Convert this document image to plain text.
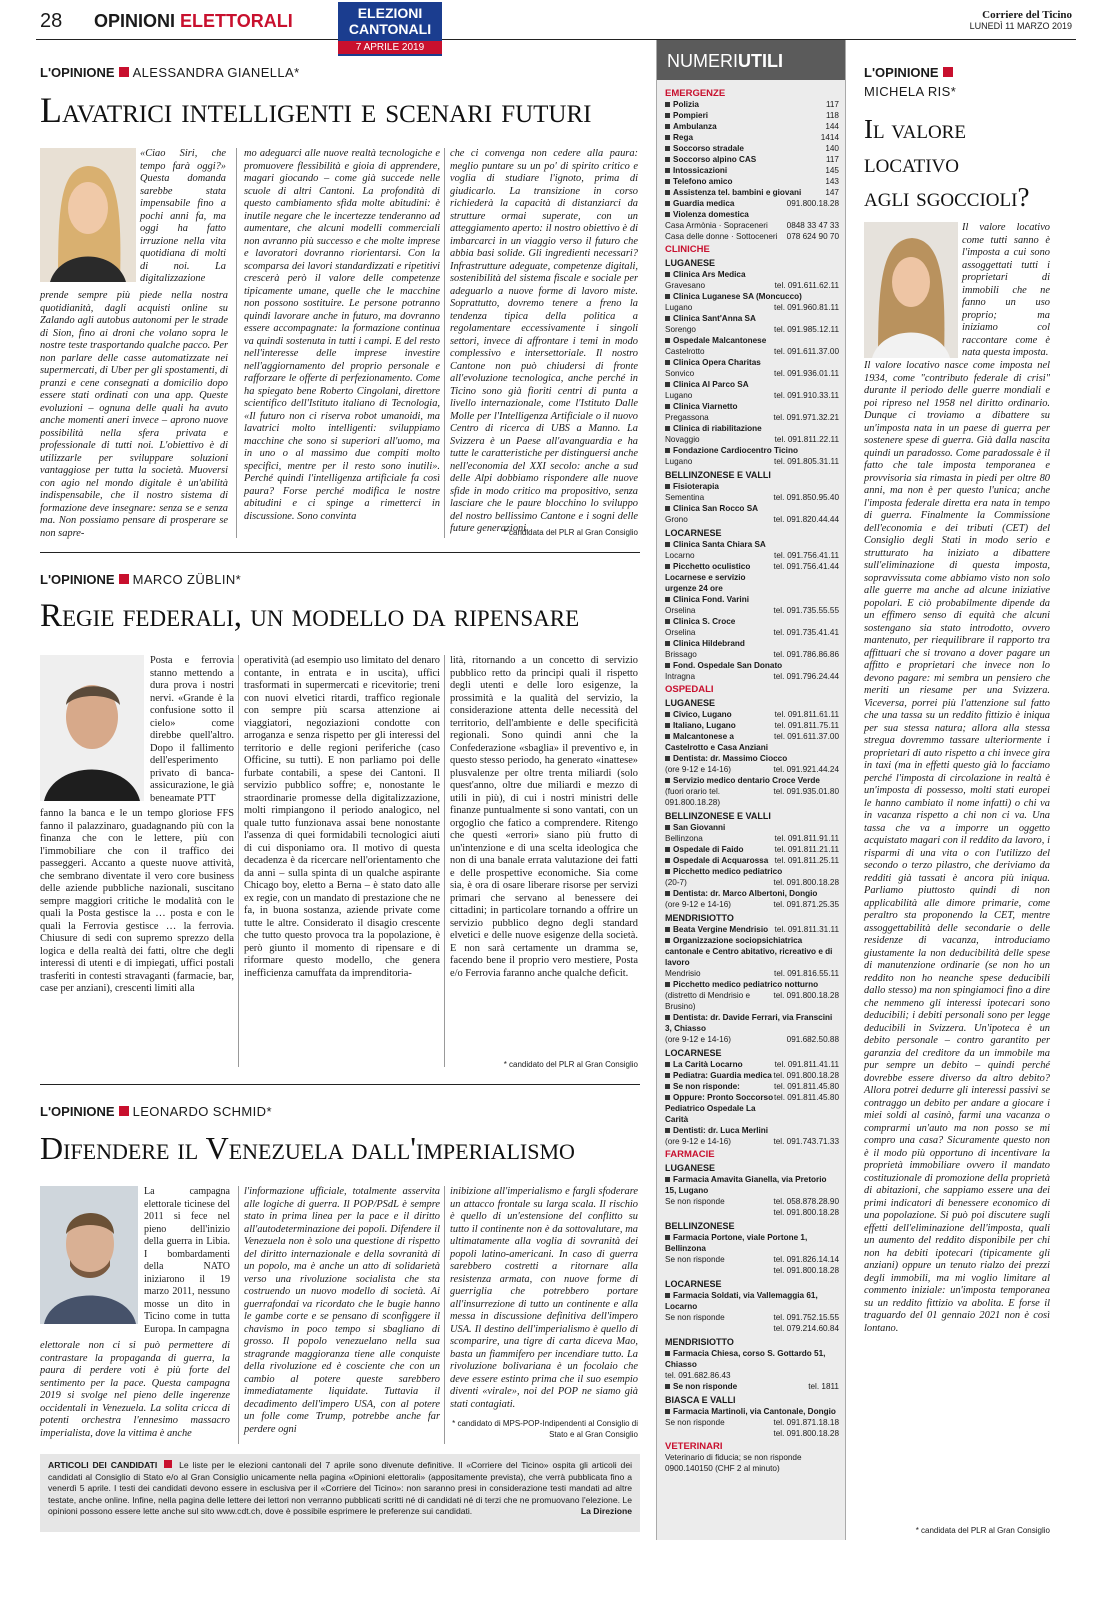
28 OPINIONI ELETTORALI	ELEZIONI
CANTONALI
7 APRILE 2019
Corriere del Ticino
LUNEDÌ 11 MARZO 2019
L'OPINIONE ALESSANDRA GIANELLA*
Lavatrici intelligenti e scenari futuri
«Ciao Siri, che tempo farà oggi?» Questa domanda sarebbe stata impensabile fino a pochi anni fa, ma oggi ha fatto irruzione nella vita quotidiana di molti di noi. La digitalizzazione
prende sempre più piede nella nostra quotidianità, dagli acquisti online su Zalando agli autobus autonomi per le strade di Sion, fino ai droni che volano sopra le nostre teste trasportando qualche pacco. Per non parlare delle casse automatizzate nei supermercati, di Uber per gli spostamenti, di pranzi e cene consegnati a domicilio dopo essere stati ordinati con una app. Queste evoluzioni – ognuna delle quali ha avuto anche momenti aneri invece – aprono nuove possibilità nella sfera privata e professionale di tutti noi. L'obiettivo è di utilizzarle per sviluppare soluzioni vantaggiose per tutta la società. Muoversi con agio nel mondo digitale è un'abilità indispensabile, che il nostro sistema di formazione deve insegnare: senza se e senza ma. Non possiamo pensare di prosperare se non sapre-
mo adeguarci alle nuove realtà tecnologiche e promuovere flessibilità e gioia di apprendere, magari giocando – come già succede nelle scuole di altri Cantoni. La profondità di questo cambiamento sfida molte abitudini: è inutile negare che le incertezze tenderanno ad aumentare, che alcuni modelli commerciali non avranno più successo e che molte imprese e lavoratori dovranno riorientarsi. Con la scomparsa dei lavori standardizzati e ripetitivi crescerà però il valore delle competenze tipicamente umane, quelle che le macchine non possono sostituire. Le persone potranno quindi lavorare anche in futuro, ma dovranno essere accompagnate: la formazione continua va quindi sostenuta in tutti i campi. E del resto nell'interesse delle imprese investire nell'aggiornamento del proprio personale e rafforzare le offerte di perfezionamento. Come ha spiegato bene Roberto Cingolani, direttore scientifico dell'Istituto italiano di Tecnologia, «Il futuro non ci riserva robot umanoidi, ma lavatrici molto intelligenti: sviluppiamo macchine che sono si superiori all'uomo, ma in uno o al massimo due compiti molto specifici, mentre per il resto sono inutili». Perché quindi l'intelligenza artificiale fa così paura? Forse perché modifica le nostre abitudini e ci spinge a rimetterci in discussione. Sono convinta
che ci convenga non cedere alla paura: meglio puntare su un po' di spirito critico e voglia di studiare l'ignoto, prima di giudicarlo. La transizione in corso richiederà la capacità di distanziarci da strutture ormai superate, con un atteggiamento aperto: il nostro obiettivo è di imbarcarci in un viaggio verso il futuro che abbia basi solide. Gli ingredienti necessari? Infrastrutture adeguate, competenze digitali, sostenibilità del sistema fiscale e sociale per adeguarlo a nuove forme di lavoro miste. Soprattutto, dovremo tenere a freno la tendenza tipica della politica a regolamentare eccessivamente i singoli settori, invece di affrontare i temi in modo complessivo e intersettoriale. Il nostro Cantone non può chiudersi di fronte all'evoluzione tecnologica, anche perché in Ticino sono già fioriti centri di punta a livello internazionale, come l'Istituto Dalle Molle per l'Intelligenza Artificiale o il nuovo Centro di ricerca di UBS a Manno. La Svizzera è un Paese all'avanguardia e ha tutte le caratteristiche per distinguersi anche nell'economia del XXI secolo: anche a sud delle Alpi dobbiamo rispondere alle nuove sfide in modo critico ma propositivo, senza lasciare che le paure blocchino lo sviluppo del nostro bellissimo Cantone e i sogni delle future generazioni.
* candidata del PLR al Gran Consiglio
L'OPINIONE MARCO ZÜBLIN*
Regie federali, un modello da ripensare
Posta e ferrovia stanno mettendo a dura prova i nostri nervi. «Grande è la confusione sotto il cielo» come direbbe quell'altro. Dopo il fallimento dell'esperimento privato di banca-assicurazione, le già beneamate PTT
fanno la banca e le un tempo gloriose FFS fanno il palazzinaro, guadagnando più con la finanza che con le lettere, più con l'immobiliare che con il traffico dei passeggeri. Accanto a queste nuove attività, che sembrano diventate il vero core business delle aziende pubbliche nazionali, suscitano sempre maggiori critiche le modalità con le quali la Posta gestisce la … posta e con le quali la Ferrovia gestisce … la ferrovia. Chiusure di sedi con supremo sprezzo della logica e della realtà dei fatti, oltre che degli interessi di utenti e di impiegati, uffici postali trasferiti in contesti stravaganti (farmacie, bar, case per anziani), crescenti limiti alla
operatività (ad esempio uso limitato del denaro contante, in entrata e in uscita), uffici trasformati in supermercati e ricevitorie; treni con nuovi elvetici ritardi, traffico regionale con sempre più scarsa attenzione ai viaggiatori, negoziazioni condotte con arroganza e senza rispetto per gli interessi del territorio e delle regioni periferiche (caso Officine, su tutti). E non parliamo poi delle furbate contabili, a spese dei Cantoni. Il servizio pubblico soffre; e, nonostante le straordinarie promesse della digitalizzazione, molti rimpiangono il periodo analogico, nel quale tutto funzionava assai bene nonostante l'assenza di quei formidabili tecnologici aiuti di cui disponiamo ora. Il motivo di questa decadenza è da ricercare nell'orientamento che da anni – sulla spinta di un qualche aspirante Chicago boy, eletto a Berna – è stato dato alle ex regie, con un mandato di prestazione che ne fa, in buona sostanza, aziende private come tutte le altre. Considerato il disagio crescente che tutto questo provoca tra la popolazione, è però giunto il momento di ripensare e di riformare questo modello, che genera inefficienza camuffata da imprenditoria-
lità, ritornando a un concetto di servizio pubblico retto da principi quali il rispetto degli utenti e delle loro esigenze, la prossimità e la qualità del servizio, la considerazione attenta delle necessità del territorio, dell'ambiente e delle specificità regionali. Sono quindi anni che la Confederazione «sbaglia» il preventivo e, in questo stesso periodo, ha generato «inattese» plusvalenze per oltre trenta miliardi (solo quest'anno, oltre due miliardi e mezzo di utili in più), di cui i nostri ministri delle finanze puntualmente si sono vantati, con un orgoglio che fatico a comprendere. Ritengo che questi «errori» siano più frutto di un'intenzione e di una scelta ideologica che non di una banale errata valutazione dei fatti e delle prospettive economiche. Sia come sia, è ora di osare liberare risorse per servizi primari che servano al benessere dei cittadini; in particolare tornando a offrire un servizio pubblico degno degli standard elvetici e delle nuove esigenze della società. E non sarà certamente un dramma se, facendo bene il proprio vero mestiere, Posta e/o Ferrovia faranno anche qualche deficit.
* candidato del PLR al Gran Consiglio
L'OPINIONE LEONARDO SCHMID*
Difendere il Venezuela dall'imperialismo
La campagna elettorale ticinese del 2011 si fece nel pieno dell'inizio della guerra in Libia. I bombardamenti della NATO iniziarono il 19 marzo 2011, nessuno mosse un dito in Ticino come in tutta Europa. In campagna
elettorale non ci si può permettere di contrastare la propaganda di guerra, la paura di perdere voti è più forte del sentimento per la pace. Questa campagna 2019 si svolge nel pieno delle ingerenze occidentali in Venezuela. La solita cricca di potenti orchestra l'ennesimo massacro imperialista, dove la vittima è anche
l'informazione ufficiale, totalmente asservita alle logiche di guerra. Il POP/PSdL è sempre stato in prima linea per la pace e il diritto all'autodeterminazione dei popoli. Difendere il Venezuela non è solo una questione di rispetto del diritto internazionale e della sovranità di un popolo, ma è anche un atto di solidarietà verso una rivoluzione socialista che sta costruendo un nuovo modello di società. Ai guerrafondai va ricordato che le bugie hanno le gambe corte e se pensano di sconfiggere il chavismo in poco tempo si sbagliano di grosso. Il popolo venezuelano nella sua stragrande maggioranza tiene alle conquiste della rivoluzione ed è cosciente che con un cambio al potere queste sarebbero immediatamente liquidate. Tuttavia il decadimento dell'impero USA, con al potere un folle come Trump, potrebbe anche far perdere ogni
inibizione all'imperialismo e fargli sfoderare un attacco frontale su larga scala. Il rischio è quello di un'estensione del conflitto su tutto il continente non è da sottovalutare, ma ultimatamente alla voglia di sovranità dei popoli latino-americani. In caso di guerra sarebbero costretti a ritornare alla resistenza armata, con nuove forme di guerriglia che potrebbero portare all'insurrezione di tutto un continente e alla messa in discussione definitiva dell'impero USA. Il destino dell'imperialismo è quello di scomparire, una tigre di carta diceva Mao, basta un fiammifero per incendiare tutto. La rivoluzione bolivariana è un focolaio che deve essere estinto prima che il suo esempio diventi «virale», noi del POP ne siamo già stati contagiati.
* candidato di MPS-POP-Indipendenti al Consiglio di Stato e al Gran Consiglio
ARTICOLI DEI CANDIDATI	Le liste per le elezioni cantonali del 7 aprile sono divenute definitive. Il «Corriere del Ticino» ospita gli articoli dei candidati al Consiglio di Stato e/o al Gran Consiglio unicamente nella pagina «Opinioni elettorali» (appositamente prevista), che verrà pubblicata fino a venerdì 5 aprile. I testi dei candidati devono essere in esclusiva per il «Corriere del Ticino»: non saranno presi in considerazione testi mandati ad altre testate, anche online. Infine, nella pagina delle lettere dei lettori non verranno pubblicati scritti né di candidati né di terzi che ne promuovano l'elezione. Le opinioni possono essere lette anche sul sito www.cdt.ch, dove è possibile esprimere le preferenze sui candidati.	La Direzione
NUMERIUTILI
EMERGENZE
Polizia	117
Pompieri	118
Ambulanza	144
Rega	1414
Soccorso stradale	140
Soccorso alpino CAS	117
Intossicazioni	145
Telefono amico	143
Assistenza tel. bambini e giovani	147
Guardia medica	091.800.18.28
Violenza domestica
Casa Armònia · Sopraceneri 0848 33 47 33
Casa delle donne · Sottoceneri 078 624 90 70
CLINICHE
LUGANESE
Clinica Ars Medica
Gravesano	tel. 091.611.62.11
Clinica Luganese SA (Moncucco)
Lugano	tel. 091.960.81.11
Clinica Sant'Anna SA
Sorengo	tel. 091.985.12.11
Ospedale Malcantonese
Castelrotto	tel. 091.611.37.00
Clinica Opera Charitas
Sonvico	tel. 091.936.01.11
Clinica Al Parco SA
Lugano	tel. 091.910.33.11
Clinica Viarnetto
Pregassona	tel. 091.971.32.21
Clinica di riabilitazione
Novaggio	tel. 091.811.22.11
Fondazione Cardiocentro Ticino
Lugano	tel. 091.805.31.11
BELLINZONESE E VALLI
Fisioterapia
Sementina	tel. 091.850.95.40
Clinica San Rocco SA
Grono	tel. 091.820.44.44
LOCARNESE
Clinica Santa Chiara SA
Locarno	tel. 091.756.41.11
Picchetto oculistico Locarnese e servizio urgenze 24 ore
tel. 091.756.41.44
Clinica Fond. Varini
Orselina	tel. 091.735.55.55
Clinica S. Croce
Orselina	tel. 091.735.41.41
Clinica Hildebrand
Brissago	tel. 091.786.86.86
Fond. Ospedale San Donato
Intragna	tel. 091.796.24.44
OSPEDALI
LUGANESE
Civico, Lugano	tel. 091.811.61.11
Italiano, Lugano	tel. 091.811.75.11
Malcantonese a Castelrotto e Casa Anziani
tel. 091.611.37.00
Dentista: dr. Massimo Ciocco
(ore 9-12 e 14-16)	tel. 091.921.44.24
Servizio medico dentario Croce Verde
(fuori orario tel. 091.800.18.28)
tel. 091.935.01.80
BELLINZONESE E VALLI
San Giovanni
Bellinzona	tel. 091.811.91.11
Ospedale di Faido	tel. 091.811.21.11
Ospedale di Acquarossa tel. 091.811.25.11
Picchetto medico pediatrico
(20-7)	tel. 091.800.18.28
Dentista: dr. Marco Albertoni, Dongio
(ore 9-12 e 14-16)	tel. 091.871.25.35
MENDRISIOTTO
Beata Vergine Mendrisio tel. 091.811.31.11
Organizzazione sociopsichiatrica cantonale e Centro abitativo, ricreativo e di lavoro
Mendrisio	tel. 091.816.55.11
Picchetto medico pediatrico notturno
(distretto di Mendrisio e Brusino)
tel. 091.800.18.28
Dentista: dr. Davide Ferrari, via Franscini 3, Chiasso
(ore 9-12 e 14-16)	091.682.50.88
LOCARNESE
La Carità Locarno	tel. 091.811.41.11
Pediatra: Guardia medica tel. 091.800.18.28
Se non risponde:	tel. 091.811.45.80
Oppure: Pronto Soccorso Pediatrico Ospedale La Carità
tel. 091.811.45.80
Dentisti: dr. Luca Merlini
(ore 9-12 e 14-16)	tel. 091.743.71.33
FARMACIE
LUGANESE
Farmacia Amavita Gianella, via Pretorio 15, Lugano
Se non risponde	tel. 058.878.28.90
tel. 091.800.18.28
BELLINZONESE
Farmacia Portone, viale Portone 1, Bellinzona
Se non risponde	tel. 091.826.14.14
tel. 091.800.18.28
LOCARNESE
Farmacia Soldati, via Vallemaggia 61, Locarno
Se non risponde	tel. 091.752.15.55
tel. 079.214.60.84
MENDRISIOTTO
Farmacia Chiesa, corso S. Gottardo 51, Chiasso
tel. 091.682.86.43
Se non risponde	tel. 1811
BIASCA E VALLI
Farmacia Martinoli, via Cantonale, Dongio
Se non risponde	tel. 091.871.18.18
tel. 091.800.18.28
VETERINARI
Veterinario di fiducia; se non risponde 0900.140150 (CHF 2 al minuto)
L'OPINIONE
MICHELA RIS*
Il valore
locativo
agli sgoccioli?
Il valore locativo come tutti sanno è l'imposta a cui sono assoggettati tutti i proprietari di immobili che ne fanno un uso proprio; ma iniziamo col raccontare come è nata questa imposta.
Il valore locativo nasce come imposta nel 1934, come "contributo federale di crisi" durante il periodo delle guerre mondiali e poi ripreso nel 1958 nel diritto ordinario. Dunque ci troviamo a dibattere su un'imposta nata in un paese di guerra per sostenere spese di guerra. Già dalla nascita quindi un paradosso. Come paradossale è il fatto che tale imposta temporanea e provvisoria sia rimasta in piedi per oltre 80 anni, ma non è per questo l'unica; anche l'imposta federale diretta era nata in tempo di guerra. Finalmente la Commissione dell'economia e dei tributi (CET) del Consiglio degli Stati in modo serio e strutturato ha iniziato a dibattere sull'eliminazione di questa imposta, sopravvissuta come abbiamo visto non solo alle guerre ma anche ad alcune iniziative popolari. E ciò probabilmente dipende da un effimero senso di equità che alcuni sostengano sia stato introdotto, ovvero mantenuto, per riequilibrare il rapporto tra affittuari che si trovano a dover pagare un affitto e proprietari che invece non lo devono pagare: mi sembra un pensiero che meriti un riesame per una Svizzera. Viceversa, porrei più l'attenzione sul fatto che una tassa su un reddito fittizio è iniqua per sua stessa natura; allora alla stessa stregua dovremmo tassare ulteriormente i proprietari di auto rispetto a chi invece gira in taxi (ma in effetti questo già lo facciamo perché l'imposta di circolazione in realtà è un'imposta di possesso, molti stati europei le hanno cambiato il nome infatti) o chi va in vacanza rispetto a chi non ci va. Una tassa che va a imporre un oggetto acquistato magari con il reddito da lavoro, i risparmi di una vita o con l'utilizzo del secondo o terzo pilastro, che deriviamo da redditi già tassati è ancora più iniqua. Parliamo piuttosto quindi di non applicabilità alle dimore primarie, come peraltro sta proponendo la CET, mentre assoggettabilità delle secondarie o delle residenze di vacanza, introduciamo giustamente la non deducibilità delle spese di manutenzione ordinarie (se non ho un reddito non ho neanche spese deducibili dallo stesso) ma non spingiamoci fino a dire che nemmeno gli interessi ipotecari sono deducibili; i debiti personali sono per legge deducibili in Svizzera. Un'ipoteca è un debito personale – contro garantito per garanzia del creditore da un immobile ma pur sempre un debito – quindi perché dovrebbe essere diverso da altro debito? Allora potrei dedurre gli interessi passivi se contraggo un debito per andare a giocare i miei soldi al casinò, farmi una vacanza o comprarmi un'auto ma non posso se mi compro una casa? Sicuramente questo non è il modo più opportuno di incentivare la proprietà immobiliare ovvero il mandato costituzionale di promozione della proprietà di abitazioni, che sappiamo essere una dei primi indicatori di benessere economico di una popolazione. Si può poi discutere sugli effetti dell'eliminazione dell'imposta, quali un aumento del reddito disponibile per chi non ha debiti ipotecari (tipicamente gli anziani) oppure un tenuto rialzo dei prezzi degli immobili, ma mi voglio limitare al commento iniziale: un'imposta temporanea su un reddito fittizio va abolita. E forse il traguardo del 01 gennaio 2021 non è così lontano.
* candidata del PLR al Gran Consiglio
